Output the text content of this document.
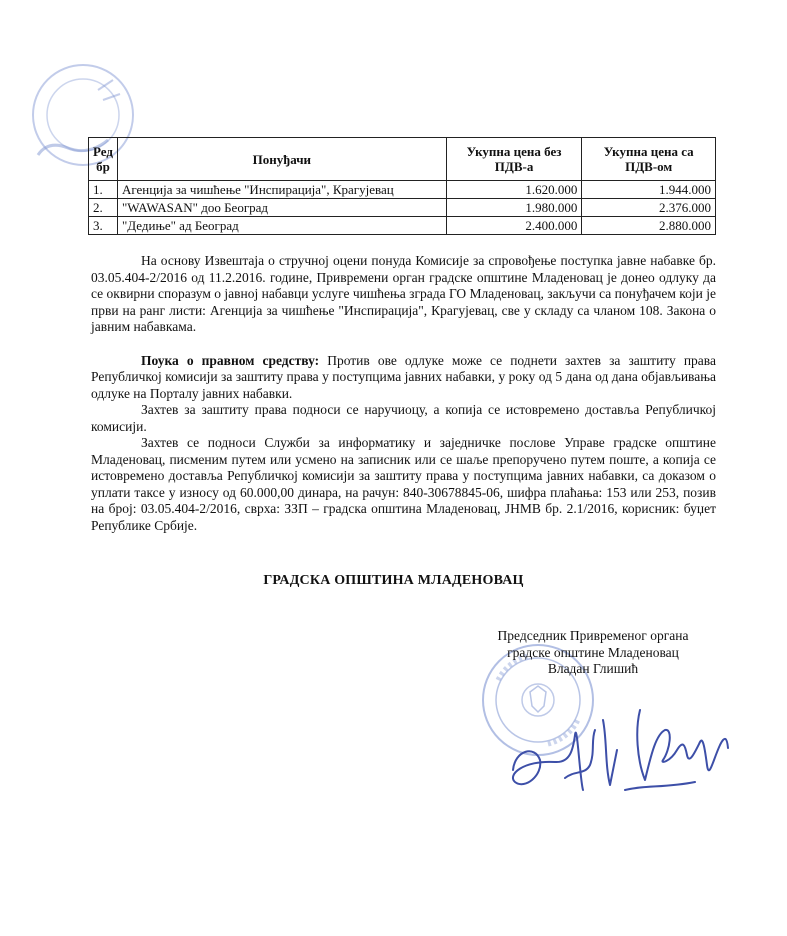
Ред бр	Понуђачи	Укупна цена без ПДВ-а	Укупна цена са ПДВ-ом
1.	Агенција за чишћење "Инспирација", Крагујевац	1.620.000	1.944.000
2.	"WAWASAN" доо Београд	1.980.000	2.376.000
3.	"Дедиње" ад Београд	2.400.000	2.880.000

На основу Извештаја о стручној оцени понуда Комисије за спровођење поступка јавне набавке бр. 03.05.404-2/2016 од 11.2.2016. године, Привремени орган градске општине Младеновац је донео одлуку да се оквирни споразум о јавној набавци услуге чишћења зграда ГО Младеновац, закључи са понуђачем који је први на ранг листи: Агенција за чишћење "Инспирација", Крагујевац, све у складу са чланом 108. Закона о јавним набавкама.

Поука о правном средству: Против ове одлуке може се поднети захтев за заштиту права Републичкој комисији за заштиту права у поступцима јавних набавки, у року од 5 дана од дана објављивања одлуке на Порталу јавних набавки.

Захтев за заштиту права подноси се наручиоцу, а копија се истовремено доставља Републичкој комисији.

Захтев се подноси Служби за информатику и заједничке послове Управе градске општине Младеновац, писменим путем или усмено на записник или се шаље препоручено путем поште, а копија се истовремено доставља Републичкој комисији за заштиту права у поступцима јавних набавки, са доказом о уплати таксе у износу од 60.000,00 динара, на рачун: 840-30678845-06, шифра плаћања: 153 или 253, позив на број: 03.05.404-2/2016, сврха: ЗЗП – градска општина Младеновац, ЈНМВ бр. 2.1/2016, корисник: буџет Републике Србије.

ГРАДСКА ОПШТИНА МЛАДЕНОВАЦ
Председник Привременог органа
градске општине Младеновац
Владан Глишић
